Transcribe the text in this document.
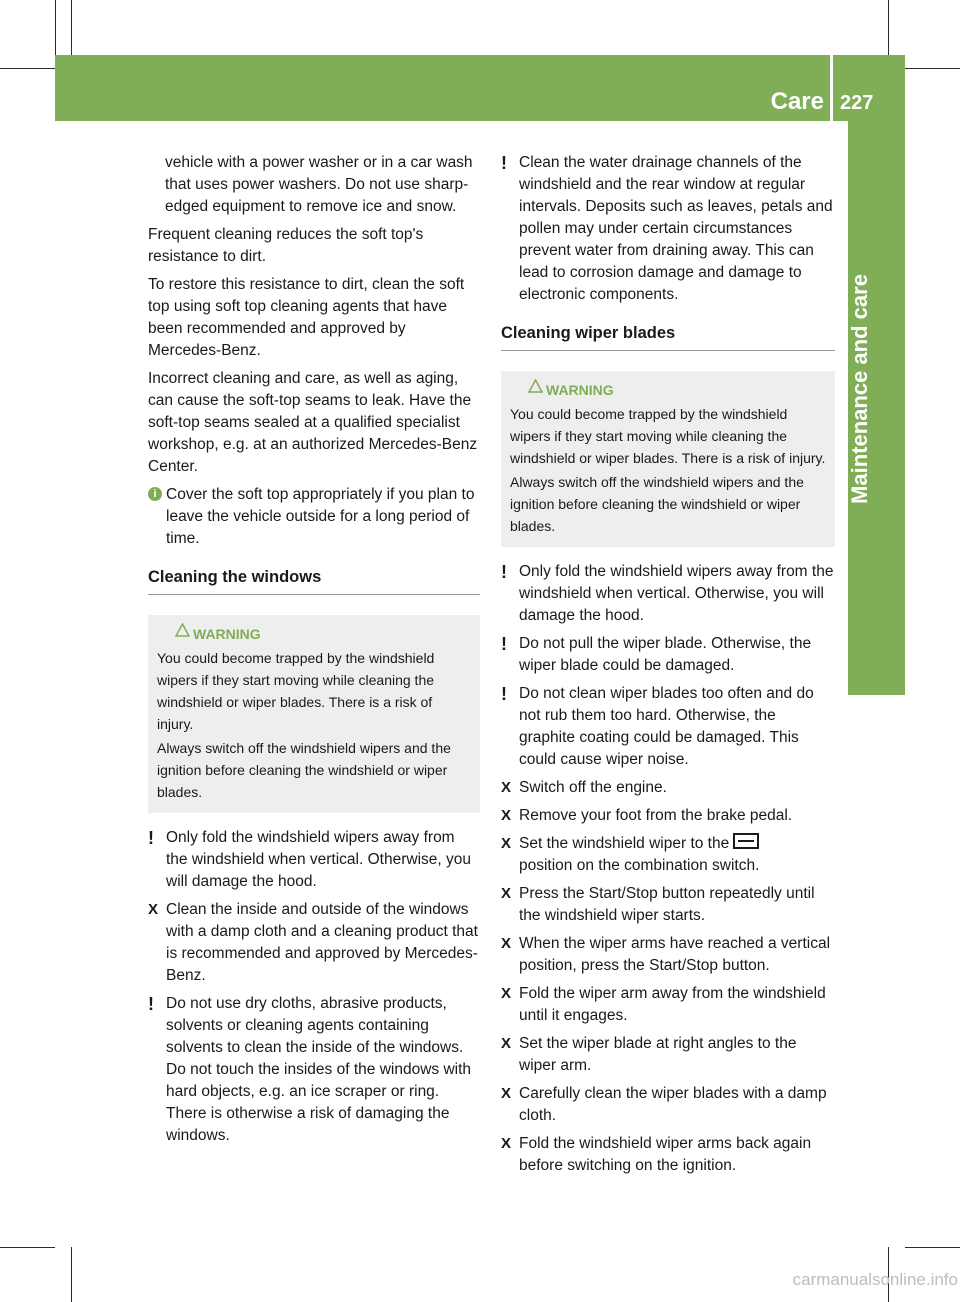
Care 227
Maintenance and care

vehicle with a power washer or in a car wash that uses power washers. Do not use sharp-edged equipment to remove ice and snow.

Frequent cleaning reduces the soft top's resistance to dirt.

To restore this resistance to dirt, clean the soft top using soft top cleaning agents that have been recommended and approved by Mercedes-Benz.

Incorrect cleaning and care, as well as aging, can cause the soft-top seams to leak. Have the soft-top seams sealed at a qualified specialist workshop, e.g. at an authorized Mercedes-Benz Center.

i Cover the soft top appropriately if you plan to leave the vehicle outside for a long period of time.
Cleaning the windows
WARNING

You could become trapped by the windshield wipers if they start moving while cleaning the windshield or wiper blades. There is a risk of injury.

Always switch off the windshield wipers and the ignition before cleaning the windshield or wiper blades.

! Only fold the windshield wipers away from the windshield when vertical. Otherwise, you will damage the hood.
X Clean the inside and outside of the windows with a damp cloth and a cleaning product that is recommended and approved by Mercedes-Benz.
! Do not use dry cloths, abrasive products, solvents or cleaning agents containing solvents to clean the inside of the windows. Do not touch the insides of the windows with hard objects, e.g. an ice scraper or ring. There is otherwise a risk of damaging the windows.
! Clean the water drainage channels of the windshield and the rear window at regular intervals. Deposits such as leaves, petals and pollen may under certain circumstances prevent water from draining away. This can lead to corrosion damage and damage to electronic components.
Cleaning wiper blades
WARNING

You could become trapped by the windshield wipers if they start moving while cleaning the windshield or wiper blades. There is a risk of injury.

Always switch off the windshield wipers and the ignition before cleaning the windshield or wiper blades.

! Only fold the windshield wipers away from the windshield when vertical. Otherwise, you will damage the hood.
! Do not pull the wiper blade. Otherwise, the wiper blade could be damaged.
! Do not clean wiper blades too often and do not rub them too hard. Otherwise, the graphite coating could be damaged. This could cause wiper noise.
X Switch off the engine.
X Remove your foot from the brake pedal.
X Set the windshield wiper to the
position on the combination switch.
X Press the Start/Stop button repeatedly until the windshield wiper starts.
X When the wiper arms have reached a vertical position, press the Start/Stop button.
X Fold the wiper arm away from the windshield until it engages.
X Set the wiper blade at right angles to the wiper arm.
X Carefully clean the wiper blades with a damp cloth.
X Fold the windshield wiper arms back again before switching on the ignition.
carmanualsonline.info
